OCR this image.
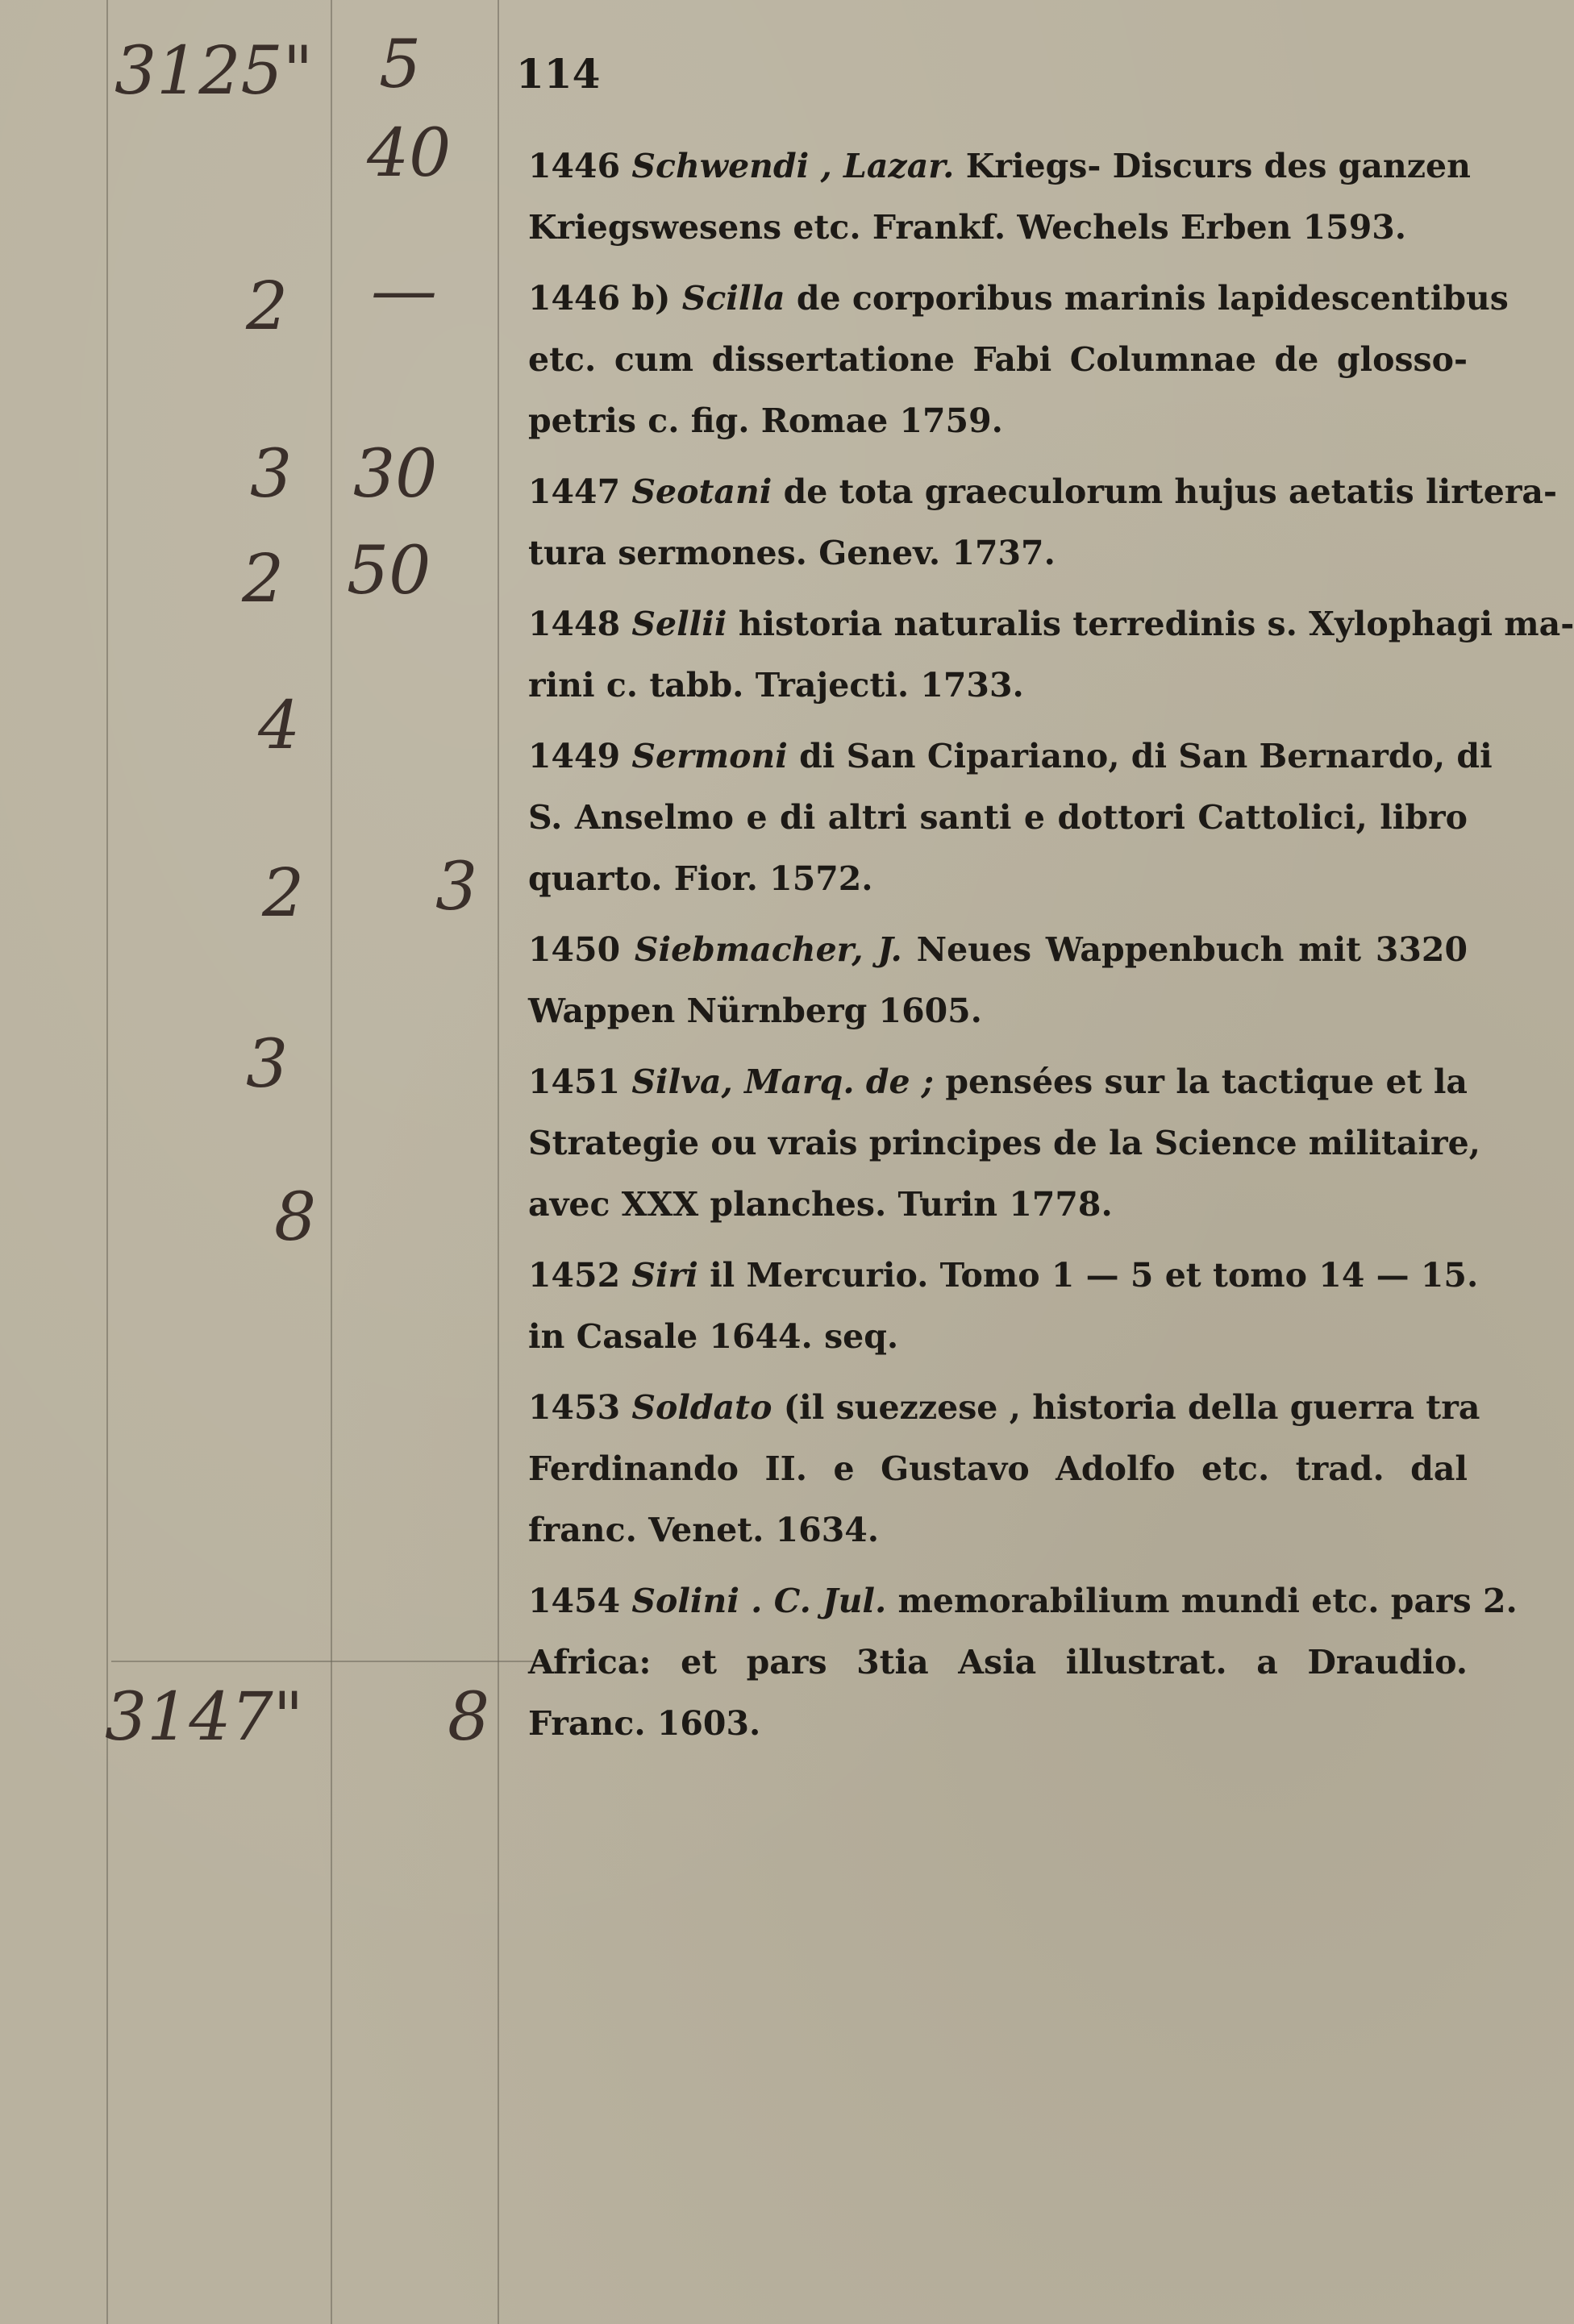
114
3125" 5
40
2 —
3 30
2 50
4
2 3
3
8
3147" 8
1446 Schwendi , Lazar. Kriegs- Discurs des ganzen
Kriegswesens etc. Frankf. Wechels Erben 1593.
1446 b) Scilla de corporibus marinis lapidescentibus
etc. cum dissertatione Fabi Columnae de glosso-
petris c. fig. Romae 1759.
1447 Seotani de tota graeculorum hujus aetatis lirtera-
tura sermones. Genev. 1737.
1448 Sellii historia naturalis terredinis s. Xylophagi ma-
rini c. tabb. Trajecti. 1733.
1449 Sermoni di San Cipariano, di San Bernardo, di
S. Anselmo e di altri santi e dottori Cattolici, libro
quarto. Fior. 1572.
1450 Siebmacher, J. Neues Wappenbuch mit 3320
Wappen Nürnberg 1605.
1451 Silva, Marq. de ; pensées sur la tactique et la
Strategie ou vrais principes de la Science militaire,
avec XXX planches. Turin 1778.
1452 Siri il Mercurio. Tomo 1 — 5 et tomo 14 — 15.
in Casale 1644. seq.
1453 Soldato (il suezzese , historia della guerra tra
Ferdinando II. e Gustavo Adolfo etc. trad. dal
franc. Venet. 1634.
1454 Solini . C. Jul. memorabilium mundi etc. pars 2.
Africa: et pars 3tia Asia illustrat. a Draudio.
Franc. 1603.
